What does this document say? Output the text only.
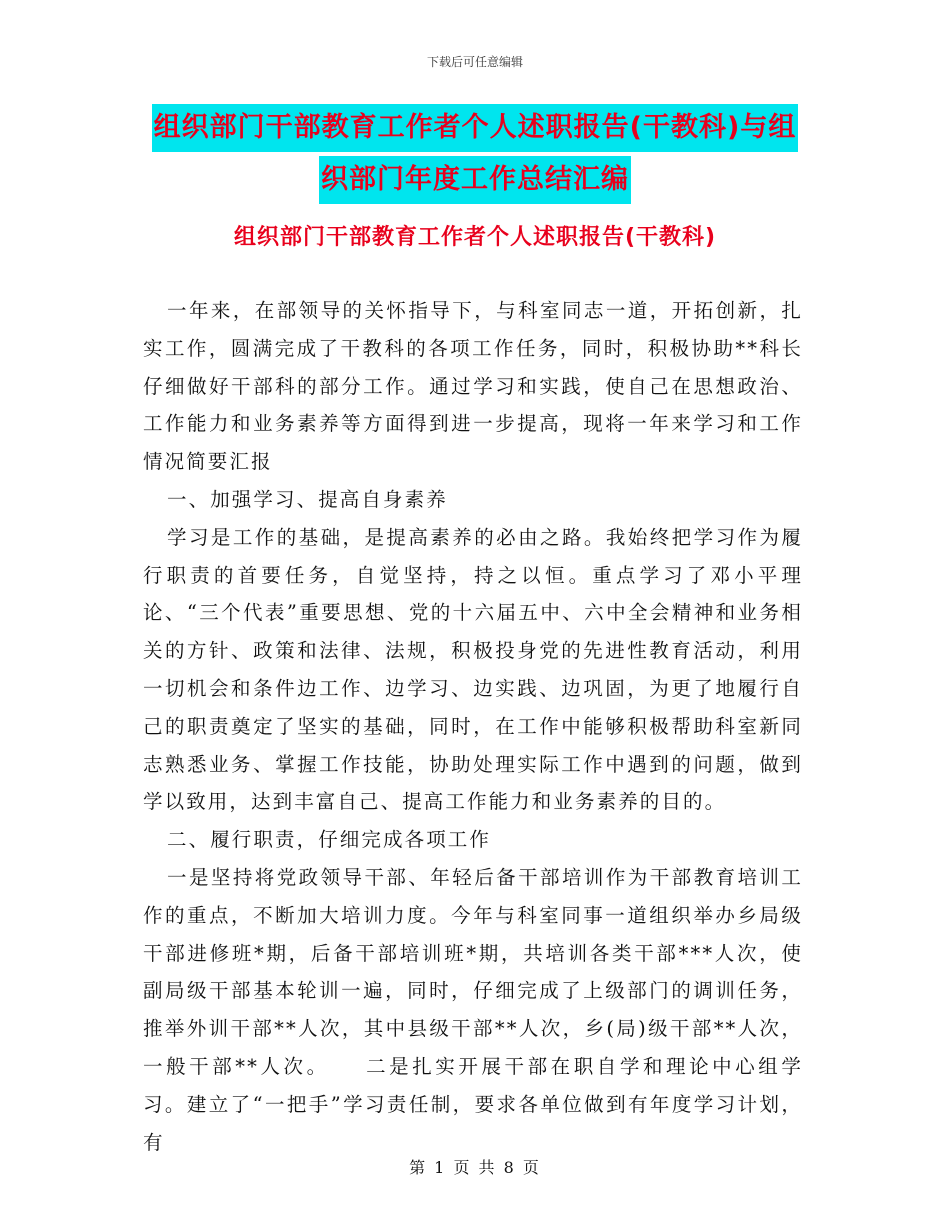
下载后可任意编辑
组织部门干部教育工作者个人述职报告(干教科)与组
织部门年度工作总结汇编
组织部门干部教育工作者个人述职报告(干教科)

一年来，在部领导的关怀指导下，与科室同志一道，开拓创新，扎实工作，圆满完成了干教科的各项工作任务，同时，积极协助**科长仔细做好干部科的部分工作。通过学习和实践，使自己在思想政治、工作能力和业务素养等方面得到进一步提高，现将一年来学习和工作情况简要汇报

一、加强学习、提高自身素养

学习是工作的基础，是提高素养的必由之路。我始终把学习作为履行职责的首要任务，自觉坚持，持之以恒。重点学习了邓小平理论、“三个代表”重要思想、党的十六届五中、六中全会精神和业务相关的方针、政策和法律、法规，积极投身党的先进性教育活动，利用一切机会和条件边工作、边学习、边实践、边巩固，为更了地履行自己的职责奠定了坚实的基础，同时，在工作中能够积极帮助科室新同志熟悉业务、掌握工作技能，协助处理实际工作中遇到的问题，做到学以致用，达到丰富自己、提高工作能力和业务素养的目的。

二、履行职责，仔细完成各项工作

一是坚持将党政领导干部、年轻后备干部培训作为干部教育培训工作的重点，不断加大培训力度。今年与科室同事一道组织举办乡局级干部进修班*期，后备干部培训班*期，共培训各类干部***人次，使副局级干部基本轮训一遍，同时，仔细完成了上级部门的调训任务，推举外训干部**人次，其中县级干部**人次，乡(局)级干部**人次，一般干部**人次。　　二是扎实开展干部在职自学和理论中心组学习。建立了“一把手”学习责任制，要求各单位做到有年度学习计划，有

第 1 页 共 8 页
